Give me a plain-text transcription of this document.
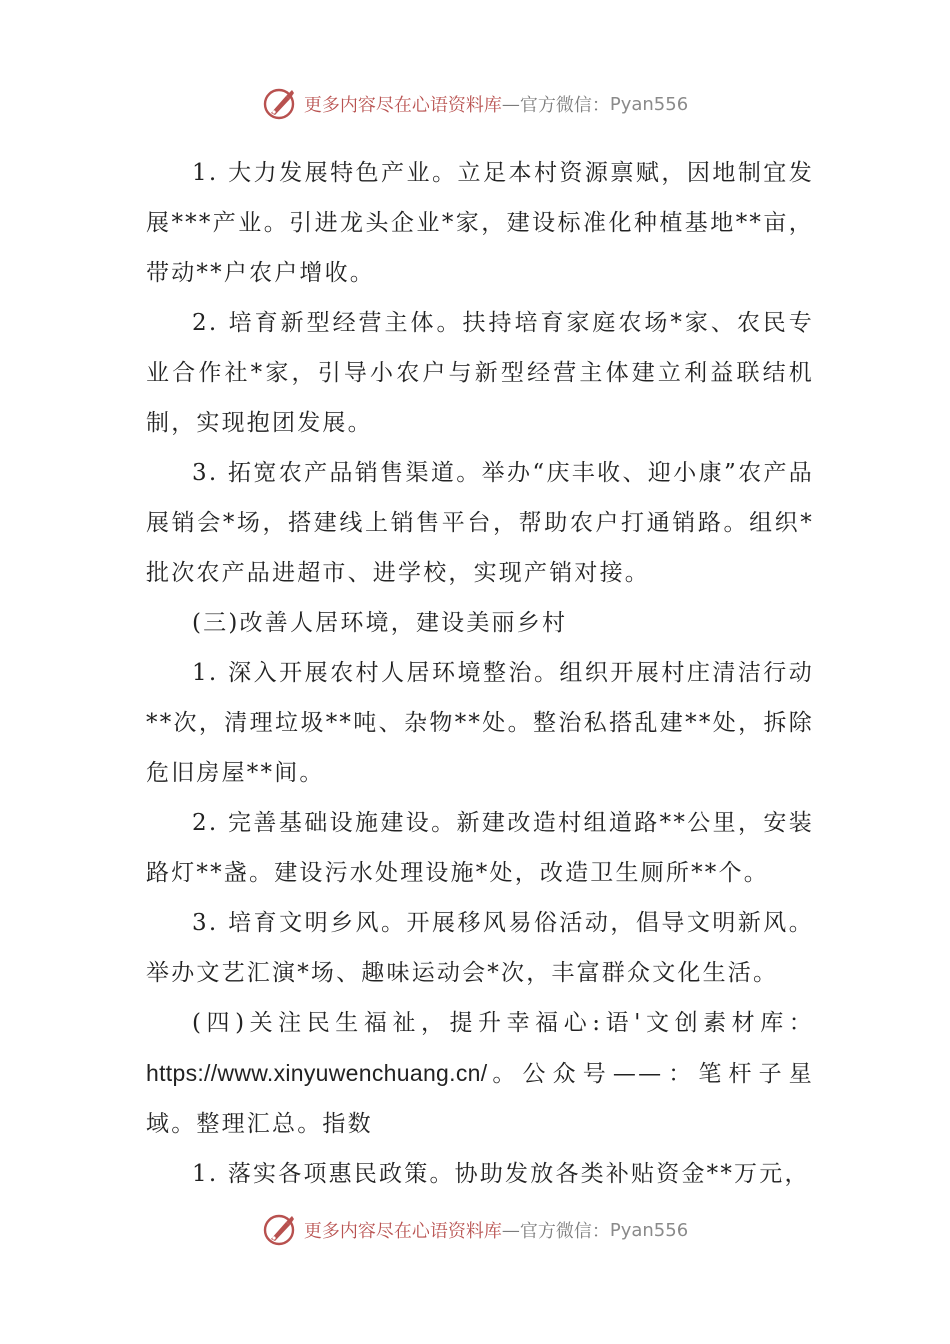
更多内容尽在心语资料库 — 官方微信： Pyan556

1. 大力发展特色产业。立足本村资源禀赋，因地制宜发展***产业。引进龙头企业*家，建设标准化种植基地**亩，带动**户农户增收。

2. 培育新型经营主体。扶持培育家庭农场*家、农民专业合作社*家，引导小农户与新型经营主体建立利益联结机制，实现抱团发展。

3. 拓宽农产品销售渠道。举办“庆丰收、迎小康”农产品展销会*场，搭建线上销售平台，帮助农户打通销路。组织*批次农产品进超市、进学校，实现产销对接。

(三)改善人居环境，建设美丽乡村

1. 深入开展农村人居环境整治。组织开展村庄清洁行动**次，清理垃圾**吨、杂物**处。整治私搭乱建**处，拆除危旧房屋**间。

2. 完善基础设施建设。新建改造村组道路**公里，安装路灯**盏。建设污水处理设施*处，改造卫生厕所**个。

3. 培育文明乡风。开展移风易俗活动，倡导文明新风。举办文艺汇演*场、趣味运动会*次，丰富群众文化生活。

(四)关注民生福祉，提升幸福心:语'文创素材库：https://www.xinyuwenchuang.cn/。公众号——：笔杆子星域。整理汇总。指数

1. 落实各项惠民政策。协助发放各类补贴资金**万元，

更多内容尽在心语资料库 — 官方微信： Pyan556
